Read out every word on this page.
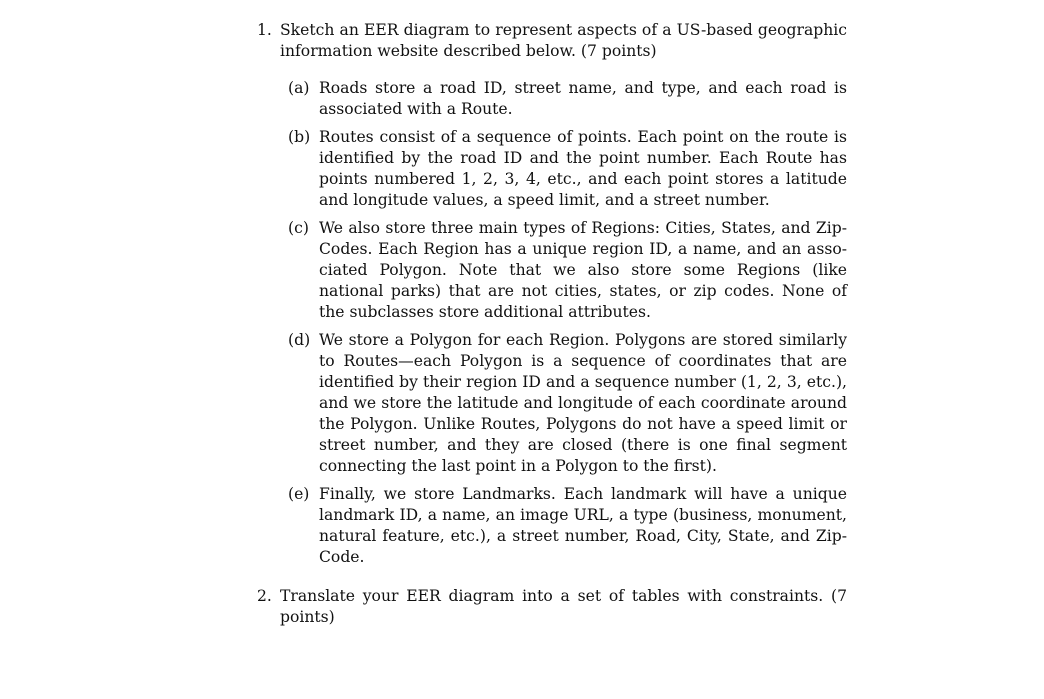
1. Sketch an EER diagram to represent aspects of a US-based geographic information website described below. (7 points)
(a) Roads store a road ID, street name, and type, and each road is associated with a Route.
(b) Routes consist of a sequence of points. Each point on the route is identified by the road ID and the point number. Each Route has points numbered 1, 2, 3, 4, etc., and each point stores a latitude and longitude values, a speed limit, and a street number.
(c) We also store three main types of Regions: Cities, States, and ZipCodes. Each Region has a unique region ID, a name, and an associated Polygon. Note that we also store some Regions (like national parks) that are not cities, states, or zip codes. None of the subclasses store additional attributes.
(d) We store a Polygon for each Region. Polygons are stored similarly to Routes—each Polygon is a sequence of coordinates that are identified by their region ID and a sequence number (1, 2, 3, etc.), and we store the latitude and longitude of each coordinate around the Polygon. Unlike Routes, Polygons do not have a speed limit or street number, and they are closed (there is one final segment connecting the last point in a Polygon to the first).
(e) Finally, we store Landmarks. Each landmark will have a unique landmark ID, a name, an image URL, a type (business, monument, natural feature, etc.), a street number, Road, City, State, and ZipCode.
2. Translate your EER diagram into a set of tables with constraints. (7 points)
